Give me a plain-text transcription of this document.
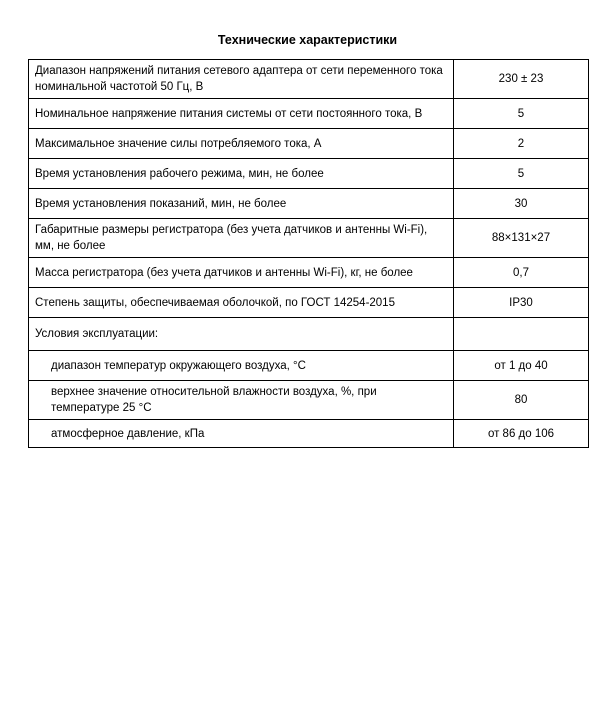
Технические характеристики
Диапазон напряжений питания сетевого адаптера от сети переменного тока номинальной частотой 50 Гц, В	230 ± 23
Номинальное напряжение питания системы от сети постоянного тока, В	5
Максимальное значение силы потребляемого тока, А	2
Время установления рабочего режима, мин, не более	5
Время установления показаний, мин, не более	30
Габаритные размеры регистратора (без учета датчиков и антенны Wi-Fi), мм, не более	88×131×27
Масса регистратора (без учета датчиков и антенны Wi-Fi), кг, не более	0,7
Степень защиты, обеспечиваемая оболочкой, по ГОСТ 14254-2015	IP30
Условия эксплуатации:	
диапазон температур окружающего воздуха, °С	от 1 до 40
верхнее значение относительной влажности воздуха, %, при температуре 25 °С	80
атмосферное давление, кПа	от 86 до 106
